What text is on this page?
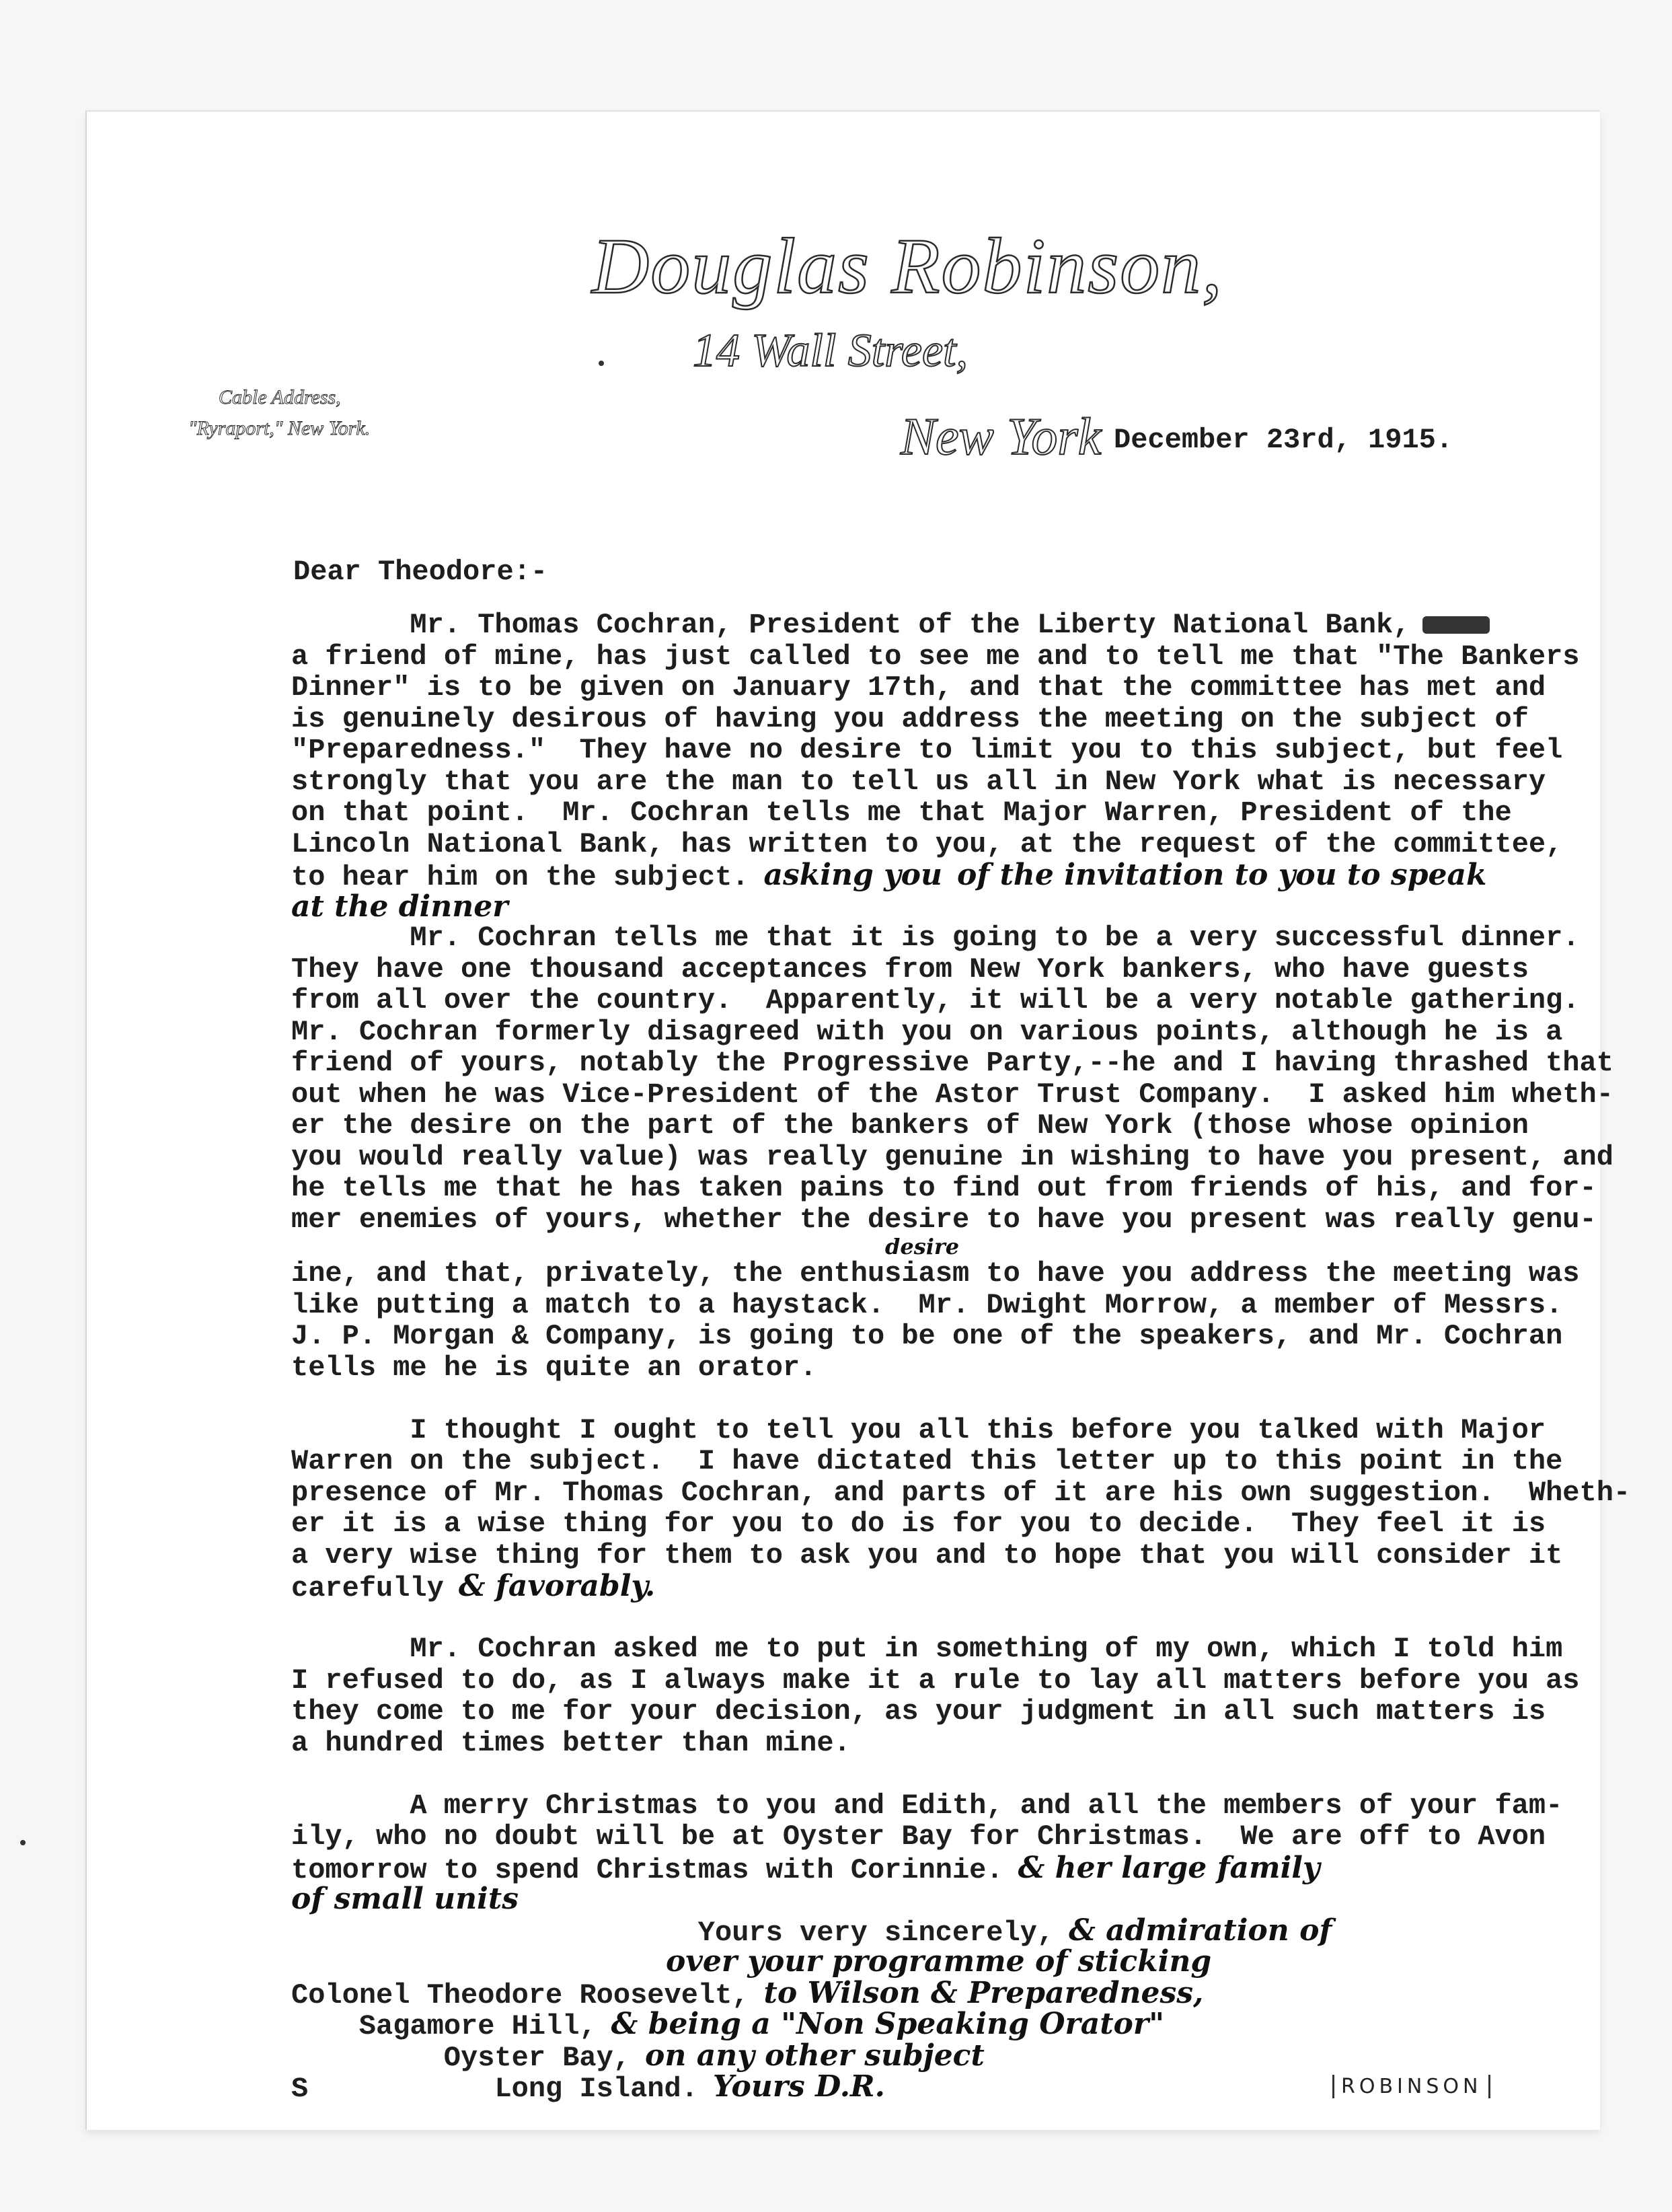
Douglas Robinson,
14 Wall Street,
Cable Address,
"Ryraport," New York.	New York December 23rd, 1915.
Dear Theodore:-
Mr. Thomas Cochran, President of the Liberty National Bank,
a friend of mine, has just called to see me and to tell me that "The Bankers
Dinner" is to be given on January 17th, and that the committee has met and
is genuinely desirous of having you address the meeting on the subject of
"Preparedness."  They have no desire to limit you to this subject, but feel
strongly that you are the man to tell us all in New York what is necessary
on that point.  Mr. Cochran tells me that Major Warren, President of the
Lincoln National Bank, has written to you, at the request of the committee,
to hear him on the subject. asking you of the invitation to you to speak
at the dinner
Mr. Cochran tells me that it is going to be a very successful dinner.
They have one thousand acceptances from New York bankers, who have guests
from all over the country.  Apparently, it will be a very notable gathering.
Mr. Cochran formerly disagreed with you on various points, although he is a
friend of yours, notably the Progressive Party,--he and I having thrashed that
out when he was Vice-President of the Astor Trust Company.  I asked him wheth-
er the desire on the part of the bankers of New York (those whose opinion
you would really value) was really genuine in wishing to have you present, and
he tells me that he has taken pains to find out from friends of his, and for-
mer enemies of yours, whether the desire to have you present was really genu-
desire
ine, and that, privately, the enthusiasm to have you address the meeting was
like putting a match to a haystack.  Mr. Dwight Morrow, a member of Messrs.
J. P. Morgan & Company, is going to be one of the speakers, and Mr. Cochran
tells me he is quite an orator.
I thought I ought to tell you all this before you talked with Major
Warren on the subject.  I have dictated this letter up to this point in the
presence of Mr. Thomas Cochran, and parts of it are his own suggestion.  Wheth-
er it is a wise thing for you to do is for you to decide.  They feel it is
a very wise thing for them to ask you and to hope that you will consider it
carefully & favorably.
Mr. Cochran asked me to put in something of my own, which I told him
I refused to do, as I always make it a rule to lay all matters before you as
they come to me for your decision, as your judgment in all such matters is
a hundred times better than mine.
A merry Christmas to you and Edith, and all the members of your fam-
ily, who no doubt will be at Oyster Bay for Christmas.  We are off to Avon
tomorrow to spend Christmas with Corinnie. & her large family
of small units
Yours very sincerely, & admiration of
over your programme of sticking
Colonel Theodore Roosevelt, to Wilson & Preparedness,
Sagamore Hill, & being a "Non Speaking Orator"
Oyster Bay, on any other subject
S           Long Island. Yours D.R.	ROBINSON
